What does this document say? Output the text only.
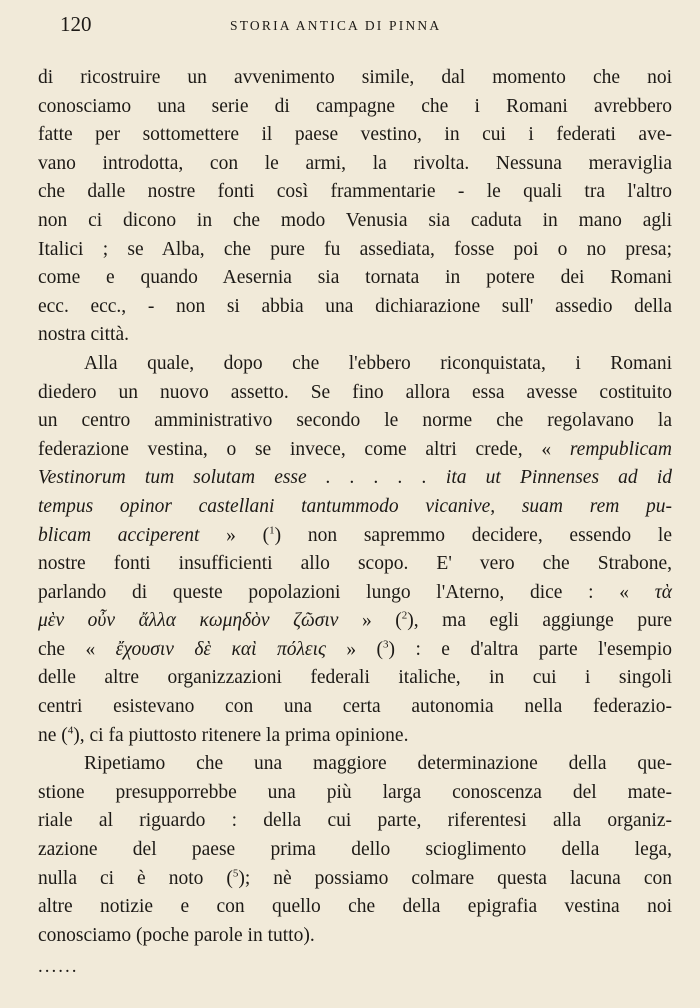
120	STORIA ANTICA DI PINNA
di ricostruire un avvenimento simile, dal momento che noi
conosciamo una serie di campagne che i Romani avrebbero
fatte per sottomettere il paese vestino, in cui i federati ave-
vano introdotta, con le armi, la rivolta. Nessuna meraviglia
che dalle nostre fonti così frammentarie - le quali tra l'altro
non ci dicono in che modo Venusia sia caduta in mano agli
Italici ; se Alba, che pure fu assediata, fosse poi o no presa;
come e quando Aesernia sia tornata in potere dei Romani
ecc. ecc., - non si abbia una dichiarazione sull' assedio della
nostra città.
Alla quale, dopo che l'ebbero riconquistata, i Romani
diedero un nuovo assetto. Se fino allora essa avesse costituito
un centro amministrativo secondo le norme che regolavano la
federazione vestina, o se invece, come altri crede, « rempublicam
Vestinorum tum solutam esse . . . . . ita ut Pinnenses ad id
tempus opinor castellani tantummodo vicanive, suam rem pu-
blicam acciperent » ($^1$) non sapremmo decidere, essendo le
nostre fonti insufficienti allo scopo. E' vero che Strabone,
parlando di queste popolazioni lungo l'Aterno, dice : « τὰ
μὲν οὖν ἄλλα κωμηδὸν ζῶσιν » ($^2$), ma egli aggiunge pure
che « ἔχουσιν δὲ καὶ πόλεις » ($^3$) : e d'altra parte l'esempio
delle altre organizzazioni federali italiche, in cui i singoli
centri esistevano con una certa autonomia nella federazio-
ne ($^4$), ci fa piuttosto ritenere la prima opinione.
Ripetiamo che una maggiore determinazione della que-
stione presupporrebbe una più larga conoscenza del mate-
riale al riguardo : della cui parte, riferentesi alla organiz-
zazione del paese prima dello scioglimento della lega,
nulla ci è noto ($^5$); nè possiamo colmare questa lacuna con
altre notizie e con quello che della epigrafia vestina noi
conosciamo (poche parole in tutto).
......
